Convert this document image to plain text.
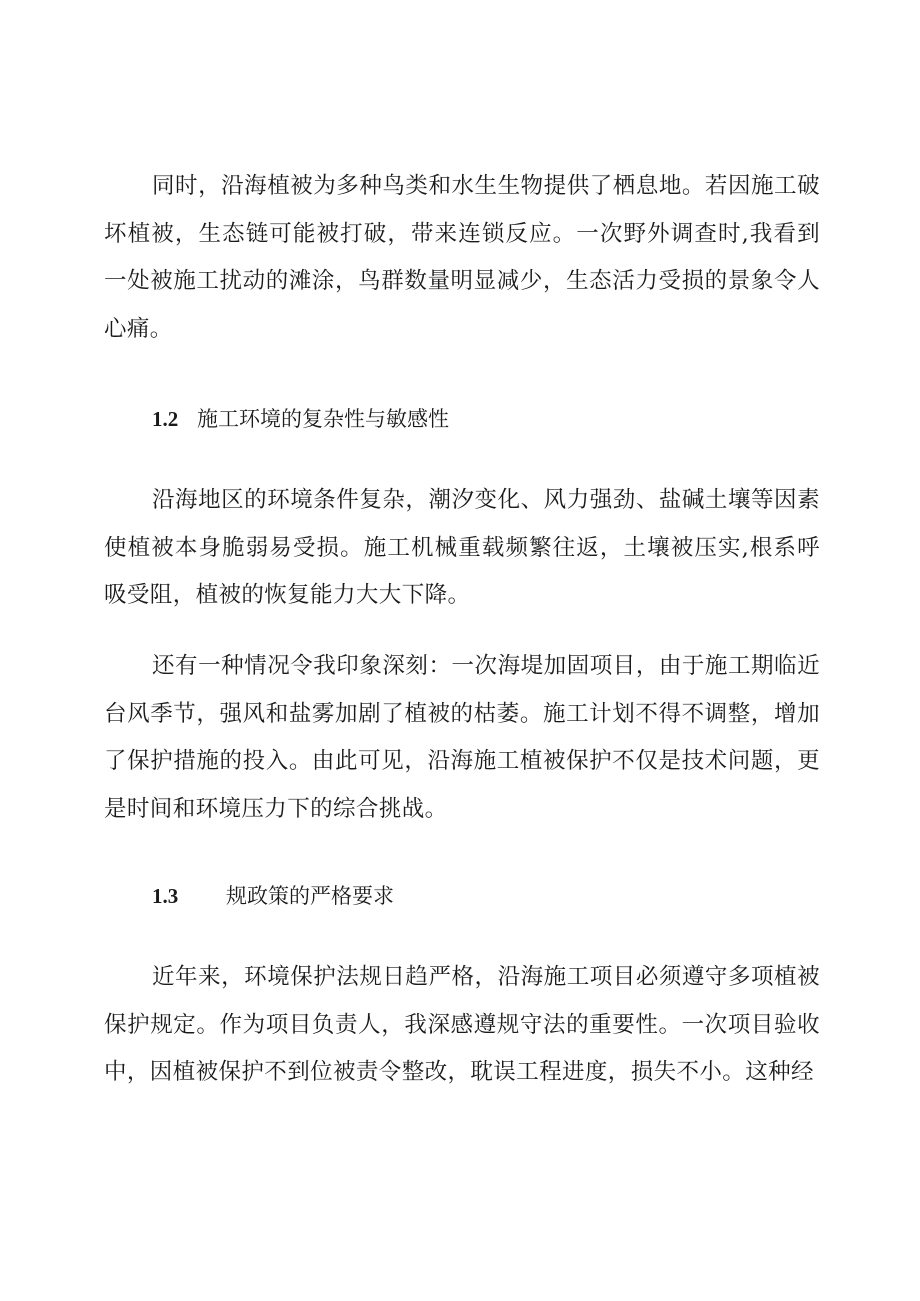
同时，沿海植被为多种鸟类和水生生物提供了栖息地。若因施工破坏植被，生态链可能被打破，带来连锁反应。一次野外调查时,我看到一处被施工扰动的滩涂，鸟群数量明显减少，生态活力受损的景象令人心痛。

1.2 施工环境的复杂性与敏感性

沿海地区的环境条件复杂，潮汐变化、风力强劲、盐碱土壤等因素使植被本身脆弱易受损。施工机械重载频繁往返，土壤被压实,根系呼吸受阻，植被的恢复能力大大下降。

还有一种情况令我印象深刻：一次海堤加固项目，由于施工期临近台风季节，强风和盐雾加剧了植被的枯萎。施工计划不得不调整，增加了保护措施的投入。由此可见，沿海施工植被保护不仅是技术问题，更是时间和环境压力下的综合挑战。

1.3 规政策的严格要求

近年来，环境保护法规日趋严格，沿海施工项目必须遵守多项植被保护规定。作为项目负责人，我深感遵规守法的重要性。一次项目验收中，因植被保护不到位被责令整改，耽误工程进度，损失不小。这种经
